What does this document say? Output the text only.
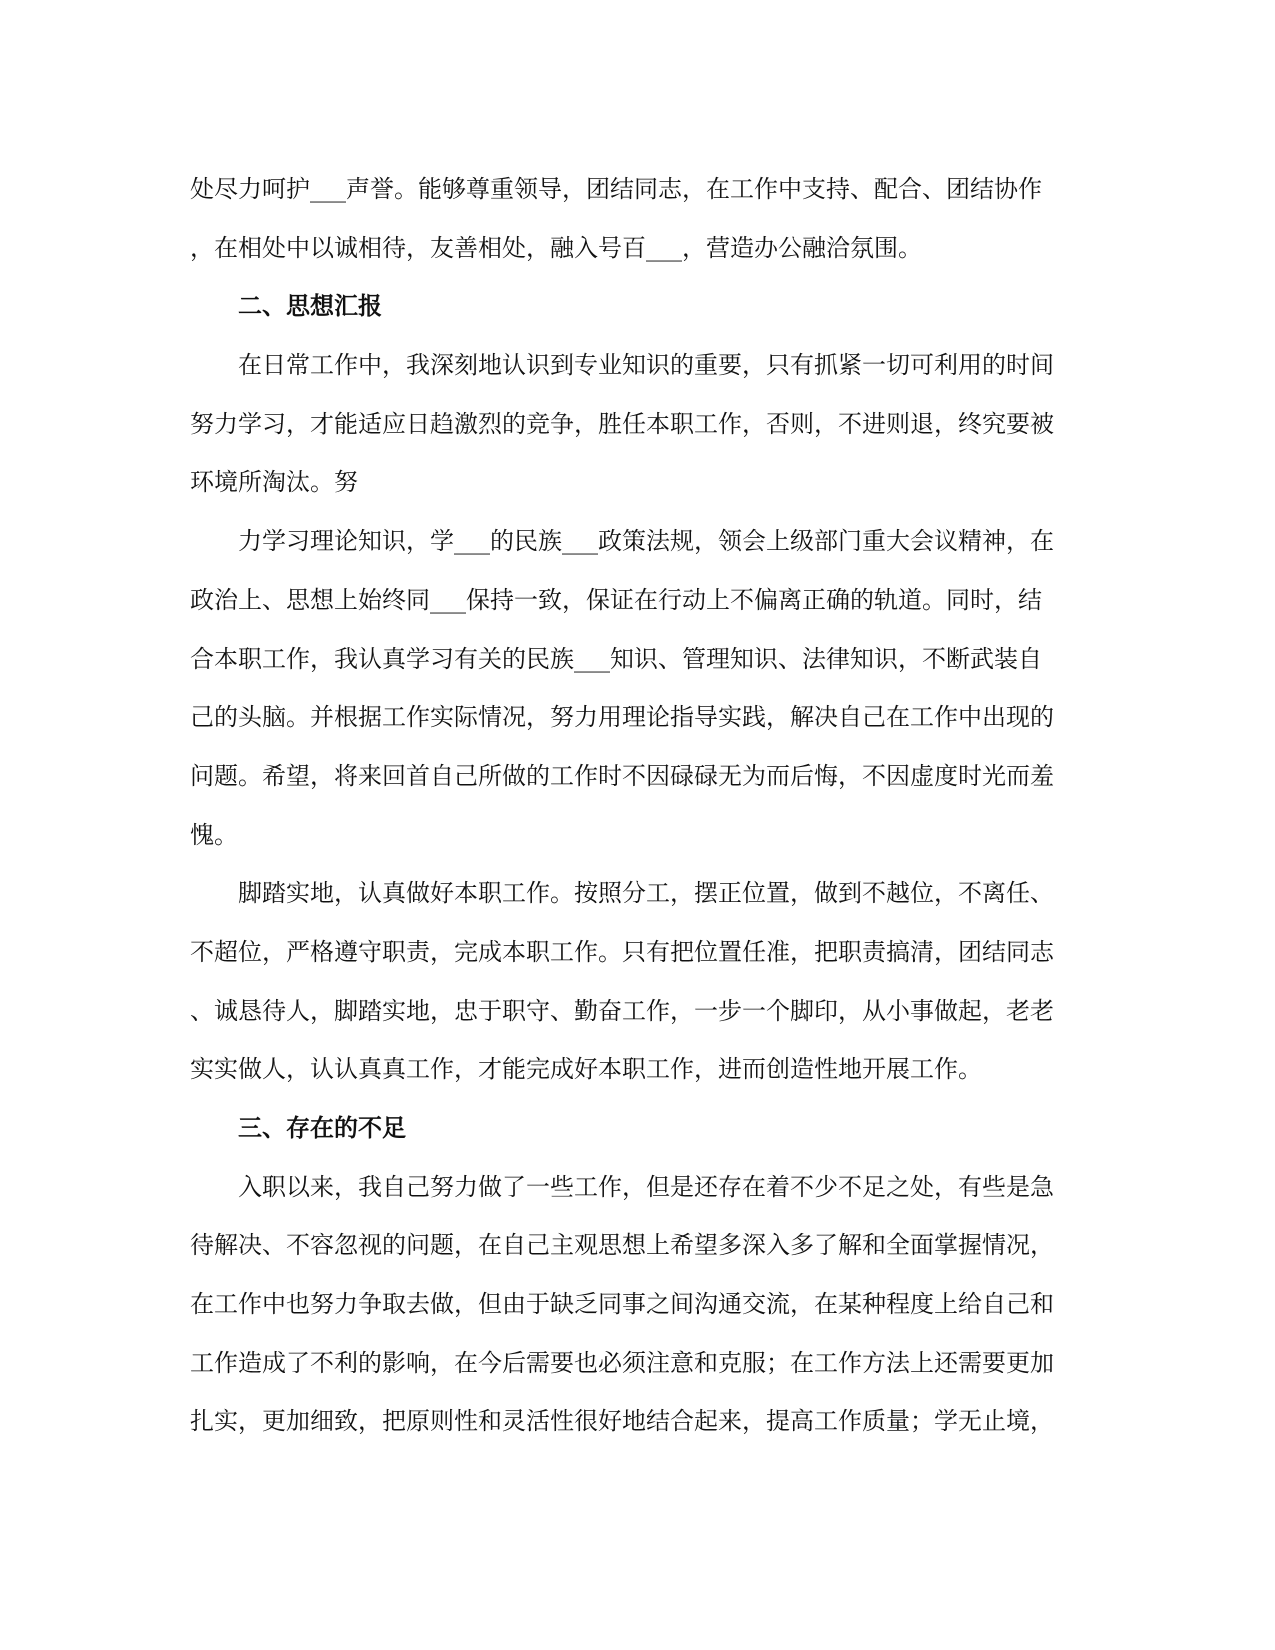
处尽力呵护___声誉。能够尊重领导，团结同志，在工作中支持、配合、团结协作
，在相处中以诚相待，友善相处，融入号百___，营造办公融洽氛围。
二、思想汇报
在日常工作中，我深刻地认识到专业知识的重要，只有抓紧一切可利用的时间
努力学习，才能适应日趋激烈的竞争，胜任本职工作，否则，不进则退，终究要被
环境所淘汰。努
力学习理论知识，学___的民族___政策法规，领会上级部门重大会议精神，在
政治上、思想上始终同___保持一致，保证在行动上不偏离正确的轨道。同时，结
合本职工作，我认真学习有关的民族___知识、管理知识、法律知识，不断武装自
己的头脑。并根据工作实际情况，努力用理论指导实践，解决自己在工作中出现的
问题。希望，将来回首自己所做的工作时不因碌碌无为而后悔，不因虚度时光而羞
愧。
脚踏实地，认真做好本职工作。按照分工，摆正位置，做到不越位，不离任、
不超位，严格遵守职责，完成本职工作。只有把位置任准，把职责搞清，团结同志
、诚恳待人，脚踏实地，忠于职守、勤奋工作，一步一个脚印，从小事做起，老老
实实做人，认认真真工作，才能完成好本职工作，进而创造性地开展工作。
三、存在的不足
入职以来，我自己努力做了一些工作，但是还存在着不少不足之处，有些是急
待解决、不容忽视的问题，在自己主观思想上希望多深入多了解和全面掌握情况，
在工作中也努力争取去做，但由于缺乏同事之间沟通交流，在某种程度上给自己和
工作造成了不利的影响，在今后需要也必须注意和克服；在工作方法上还需要更加
扎实，更加细致，把原则性和灵活性很好地结合起来，提高工作质量；学无止境，
